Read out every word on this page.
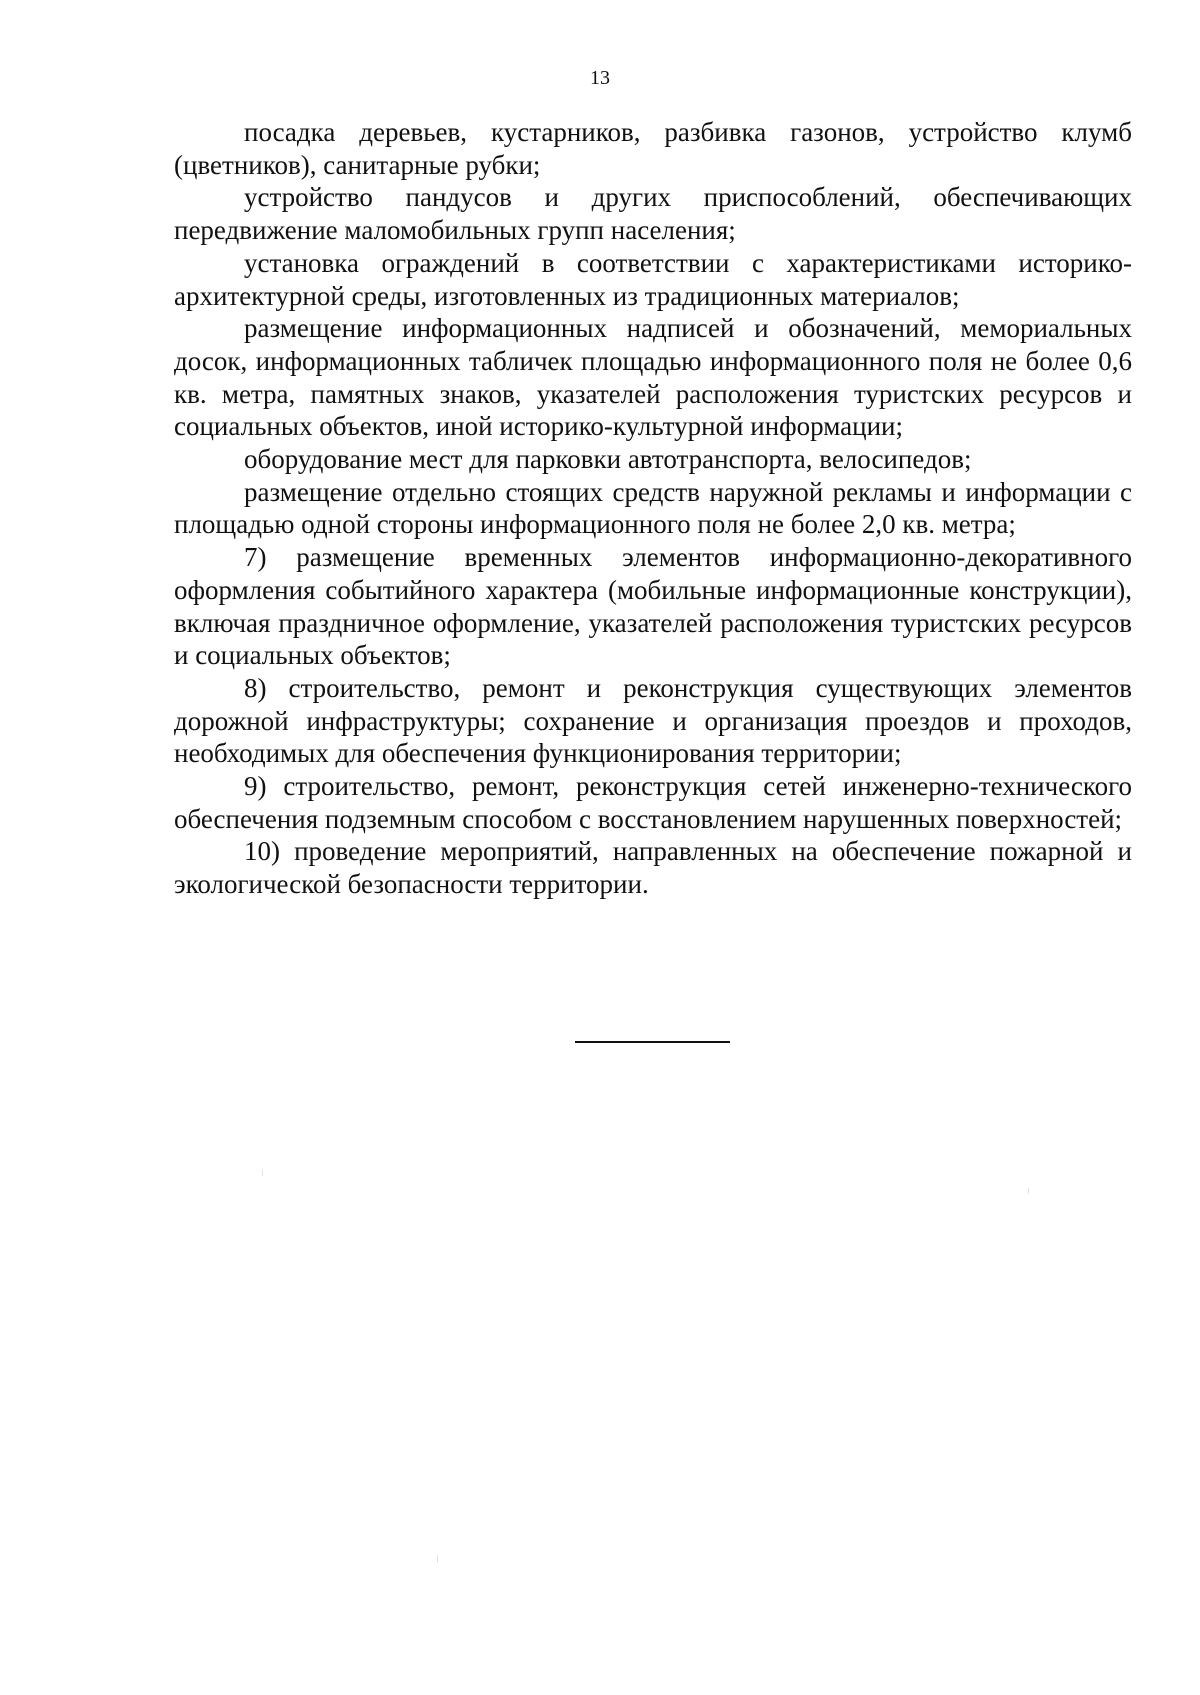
13

посадка деревьев, кустарников, разбивка газонов, устройство клумб (цветников), санитарные рубки;

устройство пандусов и других приспособлений, обеспечивающих передвижение маломобильных групп населения;

установка ограждений в соответствии с характеристиками историко-архитектурной среды, изготовленных из традиционных материалов;

размещение информационных надписей и обозначений, мемориальных досок, информационных табличек площадью информационного поля не более 0,6 кв. метра, памятных знаков, указателей расположения туристских ресурсов и социальных объектов, иной историко-культурной информации;

оборудование мест для парковки автотранспорта, велосипедов;

размещение отдельно стоящих средств наружной рекламы и информации с площадью одной стороны информационного поля не более 2,0 кв. метра;

7) размещение временных элементов информационно-декоративного оформления событийного характера (мобильные информационные конструкции), включая праздничное оформление, указателей расположения туристских ресурсов и социальных объектов;

8) строительство, ремонт и реконструкция существующих элементов дорожной инфраструктуры; сохранение и организация проездов и проходов, необходимых для обеспечения функционирования территории;

9) строительство, ремонт, реконструкция сетей инженерно-технического обеспечения подземным способом с восстановлением нарушенных поверхностей;

10) проведение мероприятий, направленных на обеспечение пожарной и экологической безопасности территории.
